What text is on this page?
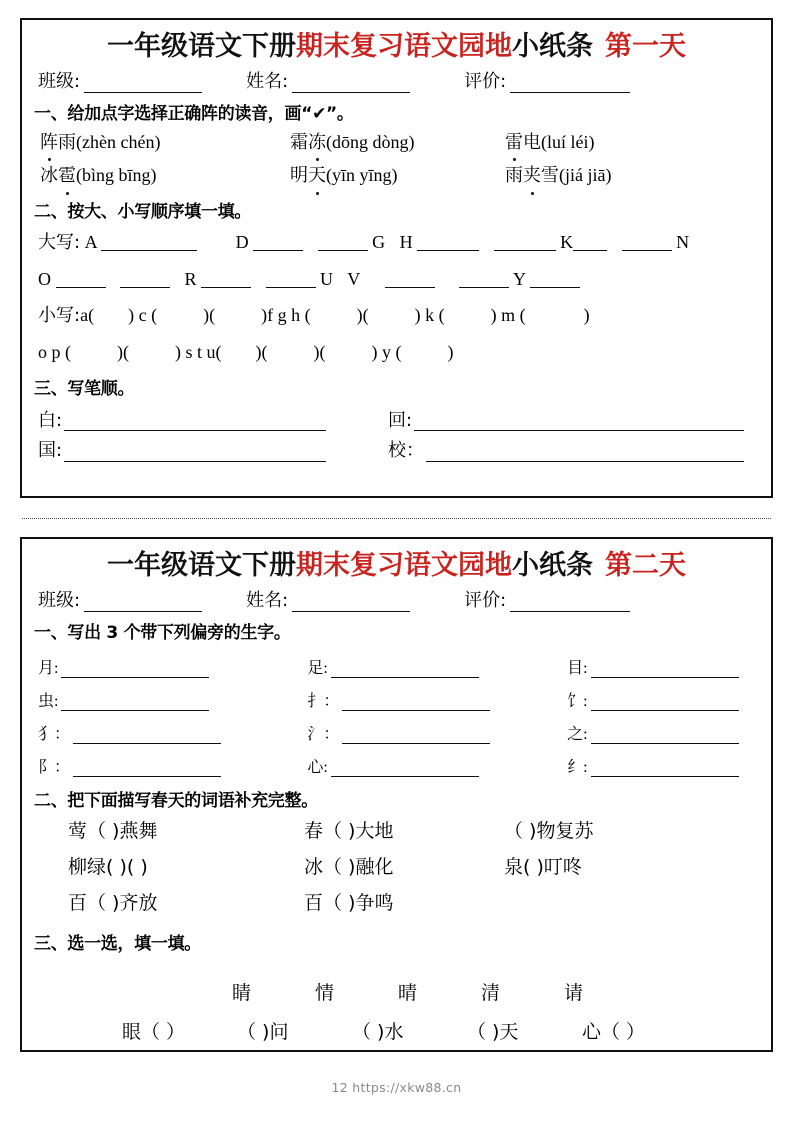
一年级语文下册期末复习语文园地小纸条 第一天
班级:	姓名:	评价:
一、给加点字选择正确阵的读音，画“✔”。
阵雨(zhèn chén)	霜冻(dōng dòng)	雷电(luí léi)
冰雹(bìng bīng)	明天(yīn yīng)	雨夹雪(jiá jiā)
二、按大、小写顺序填一填。
大写: A	D	G H	K	N
O	R	U V	Y
小写:a( ) c (	)(	)f g h (	)(	) k (	) m (	)
o p (	)(	) s t u( )(	)(	) y (	)
三、写笔顺。
白:	回:
国:	校：
一年级语文下册期末复习语文园地小纸条 第二天
班级:	姓名:	评价:
一、写出 3 个带下列偏旁的生字。
月:	足:	目:
虫:	扌：	饣:
犭：	氵：	之:
阝：	心:	纟:
二、把下面描写春天的词语补充完整。
莺（ )燕舞	春（ )大地	（ )物复苏
柳绿( )( )	冰（ )融化	泉( )叮咚
百（ )齐放	百（ )争鸣
三、选一选，填一填。
睛	情	晴	清	请
眼（ ）	（ )问	（ )水	（ )天	心（ ）
12 https://xkw88.cn
